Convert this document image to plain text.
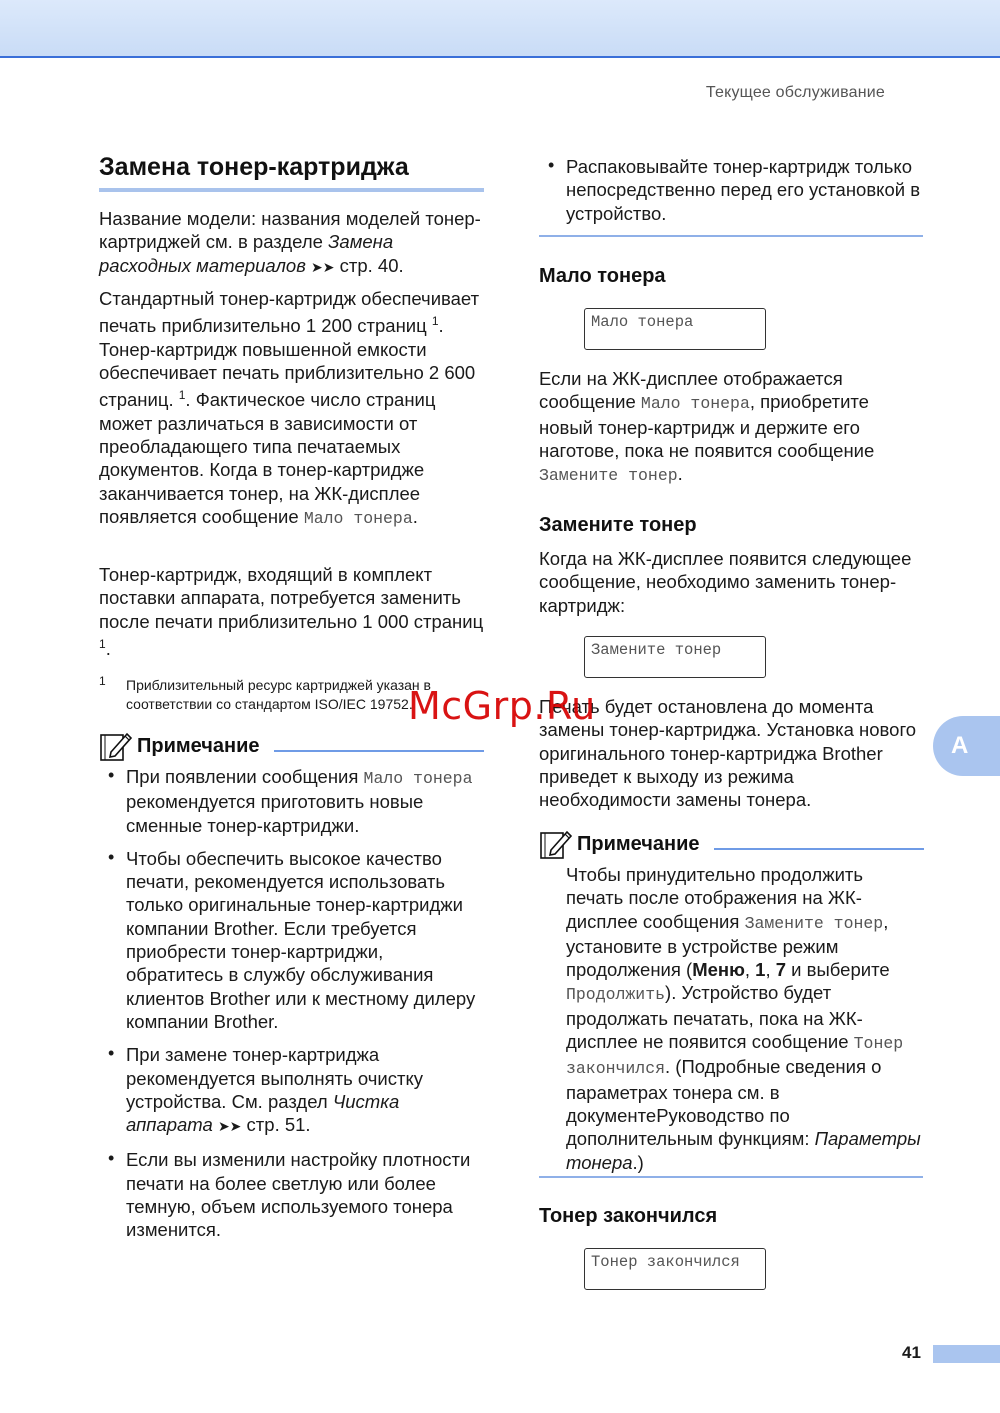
Текущее обслуживание
Замена тонер-картриджа

Название модели: названия моделей тонер-картриджей см. в разделе Замена расходных материалов ➤➤ стр. 40.

Стандартный тонер-картридж обеспечивает печать приблизительно 1 200 страниц $^1$. Тонер-картридж повышенной емкости обеспечивает печать приблизительно 2 600 страниц. $^1$. Фактическое число страниц может различаться в зависимости от преобладающего типа печатаемых документов. Когда в тонер-картридже заканчивается тонер, на ЖК-дисплее появляется сообщение Мало тонера.

Тонер-картридж, входящий в комплект поставки аппарата, потребуется заменить после печати приблизительно 1 000 страниц $^1$.

1	Приблизительный ресурс картриджей указан в соответствии со стандартом ISO/IEC 19752.
Примечание
• При появлении сообщения Мало тонера рекомендуется приготовить новые сменные тонер-картриджи.

• Чтобы обеспечить высокое качество печати, рекомендуется использовать только оригинальные тонер-картриджи компании Brother. Если требуется приобрести тонер-картриджи, обратитесь в службу обслуживания клиентов Brother или к местному дилеру компании Brother.

• При замене тонер-картриджа рекомендуется выполнять очистку устройства. См. раздел Чистка аппарата ➤➤ стр. 51.

• Если вы изменили настройку плотности печати на более светлую или более темную, объем используемого тонера изменится.

• Распаковывайте тонер-картридж только непосредственно перед его установкой в устройство.

Мало тонера
Мало тонера

Если на ЖК-дисплее отображается сообщение Мало тонера, приобретите новый тонер-картридж и держите его наготове, пока не появится сообщение Замените тонер.

Замените тонер

Когда на ЖК-дисплее появится следующее сообщение, необходимо заменить тонер-картридж:

Замените тонер

Печать будет остановлена до момента замены тонер-картриджа. Установка нового оригинального тонер-картриджа Brother приведет к выходу из режима необходимости замены тонера.

Примечание

Чтобы принудительно продолжить печать после отображения на ЖК-дисплее сообщения Замените тонер, установите в устройстве режим продолжения (Меню, 1, 7 и выберите Продолжить). Устройство будет продолжать печатать, пока на ЖК-дисплее не появится сообщение Тонер закончился. (Подробные сведения о параметрах тонера см. в документеРуководство по дополнительным функциям: Параметры тонера.)

Тонер закончился
Тонер закончился
A
41
McGrp.Ru
